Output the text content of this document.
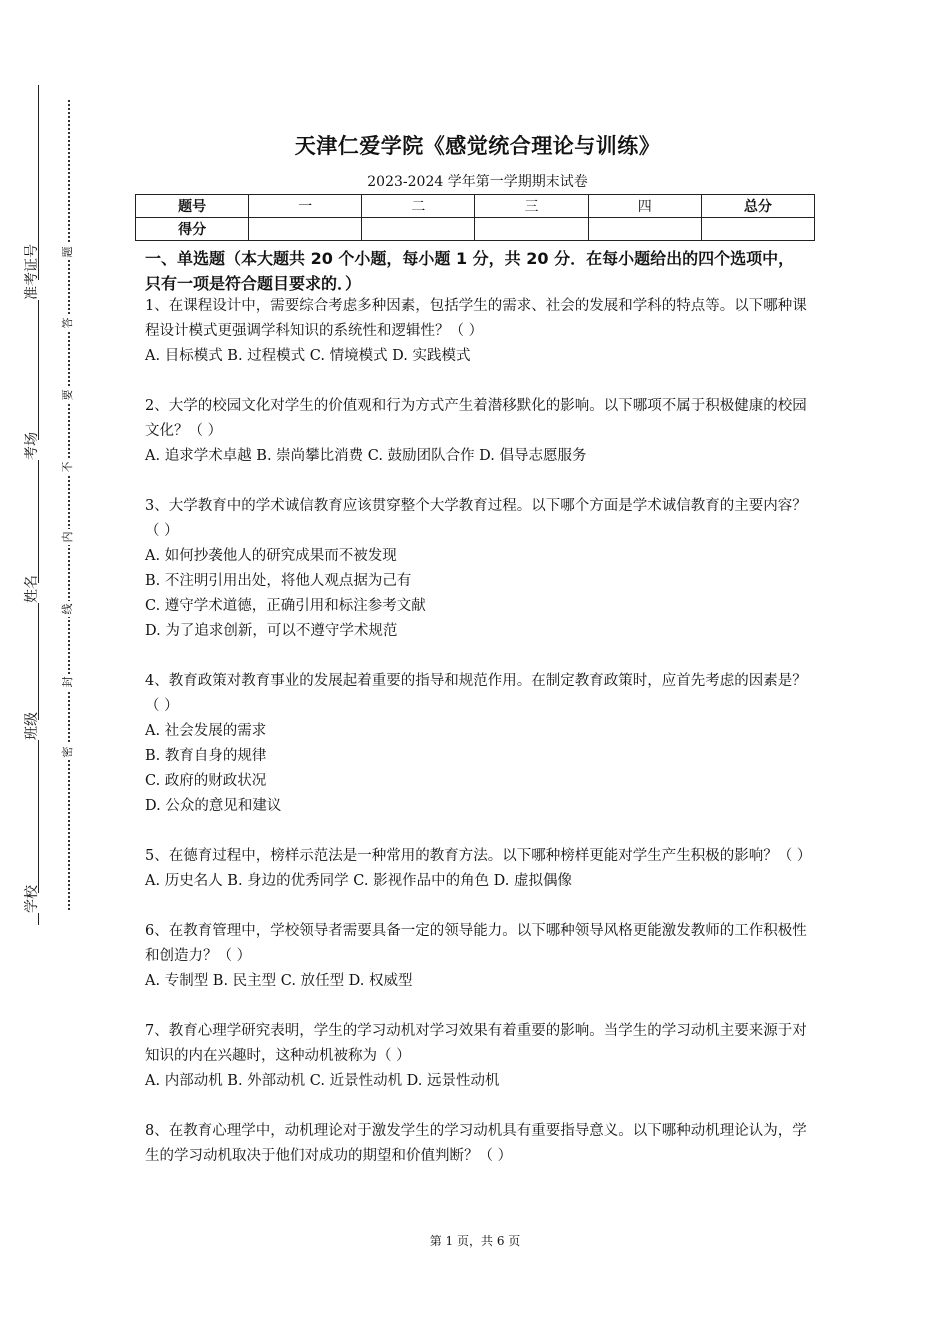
学校
班级
姓名
考场
准考证号
密
封
线
内
不
要
答
题
天津仁爱学院《感觉统合理论与训练》
2023-2024 学年第一学期期末试卷
题号	一	二	三	四	总分
得分					
一、单选题（本大题共 20 个小题，每小题 1 分，共 20 分．在每小题给出的四个选项中，只有一项是符合题目要求的．）

1、在课程设计中，需要综合考虑多种因素，包括学生的需求、社会的发展和学科的特点等。以下哪种课程设计模式更强调学科知识的系统性和逻辑性？（ ）

A. 目标模式 B. 过程模式 C. 情境模式 D. 实践模式

2、大学的校园文化对学生的价值观和行为方式产生着潜移默化的影响。以下哪项不属于积极健康的校园文化？（ ）

A. 追求学术卓越 B. 崇尚攀比消费 C. 鼓励团队合作 D. 倡导志愿服务

3、大学教育中的学术诚信教育应该贯穿整个大学教育过程。以下哪个方面是学术诚信教育的主要内容？（ ）

A. 如何抄袭他人的研究成果而不被发现

B. 不注明引用出处，将他人观点据为己有

C. 遵守学术道德，正确引用和标注参考文献

D. 为了追求创新，可以不遵守学术规范

4、教育政策对教育事业的发展起着重要的指导和规范作用。在制定教育政策时，应首先考虑的因素是？（ ）

A. 社会发展的需求

B. 教育自身的规律

C. 政府的财政状况

D. 公众的意见和建议

5、在德育过程中，榜样示范法是一种常用的教育方法。以下哪种榜样更能对学生产生积极的影响？（ ）

A. 历史名人 B. 身边的优秀同学 C. 影视作品中的角色 D. 虚拟偶像

6、在教育管理中，学校领导者需要具备一定的领导能力。以下哪种领导风格更能激发教师的工作积极性和创造力？（ ）

A. 专制型 B. 民主型 C. 放任型 D. 权威型

7、教育心理学研究表明，学生的学习动机对学习效果有着重要的影响。当学生的学习动机主要来源于对知识的内在兴趣时，这种动机被称为（ ）

A. 内部动机 B. 外部动机 C. 近景性动机 D. 远景性动机

8、在教育心理学中，动机理论对于激发学生的学习动机具有重要指导意义。以下哪种动机理论认为，学生的学习动机取决于他们对成功的期望和价值判断？（ ）

第 1 页，共 6 页
